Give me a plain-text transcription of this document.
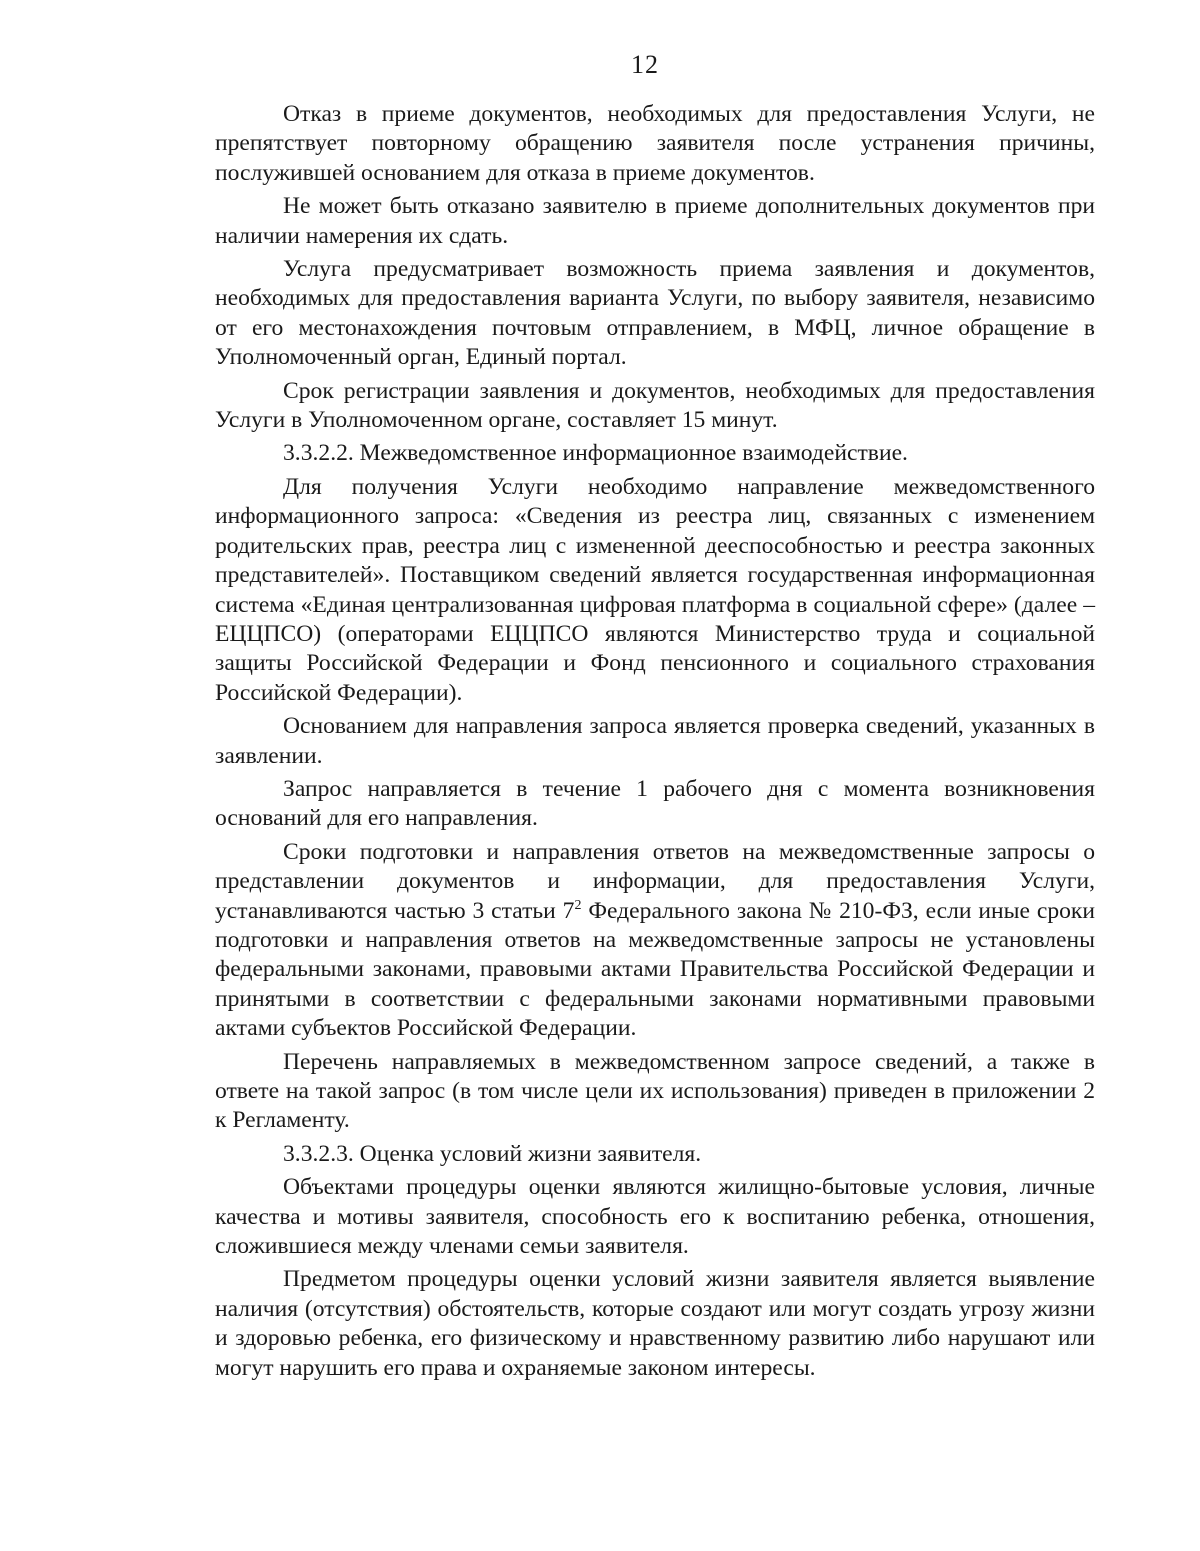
12

Отказ в приеме документов, необходимых для предоставления Услуги, не препятствует повторному обращению заявителя после устранения причины, послужившей основанием для отказа в приеме документов.

Не может быть отказано заявителю в приеме дополнительных документов при наличии намерения их сдать.

Услуга предусматривает возможность приема заявления и документов, необходимых для предоставления варианта Услуги, по выбору заявителя, независимо от его местонахождения почтовым отправлением, в МФЦ, личное обращение в Уполномоченный орган, Единый портал.

Срок регистрации заявления и документов, необходимых для предоставления Услуги в Уполномоченном органе, составляет 15 минут.

3.3.2.2. Межведомственное информационное взаимодействие.

Для получения Услуги необходимо направление межведомственного информационного запроса: «Сведения из реестра лиц, связанных с изменением родительских прав, реестра лиц с измененной дееспособностью и реестра законных представителей». Поставщиком сведений является государственная информационная система «Единая централизованная цифровая платформа в социальной сфере» (далее – ЕЦЦПСО) (операторами ЕЦЦПСО являются Министерство труда и социальной защиты Российской Федерации и Фонд пенсионного и социального страхования Российской Федерации).

Основанием для направления запроса является проверка сведений, указанных в заявлении.

Запрос направляется в течение 1 рабочего дня с момента возникновения оснований для его направления.

Сроки подготовки и направления ответов на межведомственные запросы о представлении документов и информации, для предоставления Услуги, устанавливаются частью 3 статьи $7^2$ Федерального закона № 210-ФЗ, если иные сроки подготовки и направления ответов на межведомственные запросы не установлены федеральными законами, правовыми актами Правительства Российской Федерации и принятыми в соответствии с федеральными законами нормативными правовыми актами субъектов Российской Федерации.

Перечень направляемых в межведомственном запросе сведений, а также в ответе на такой запрос (в том числе цели их использования) приведен в приложении 2 к Регламенту.

3.3.2.3. Оценка условий жизни заявителя.

Объектами процедуры оценки являются жилищно-бытовые условия, личные качества и мотивы заявителя, способность его к воспитанию ребенка, отношения, сложившиеся между членами семьи заявителя.

Предметом процедуры оценки условий жизни заявителя является выявление наличия (отсутствия) обстоятельств, которые создают или могут создать угрозу жизни и здоровью ребенка, его физическому и нравственному развитию либо нарушают или могут нарушить его права и охраняемые законом интересы.
